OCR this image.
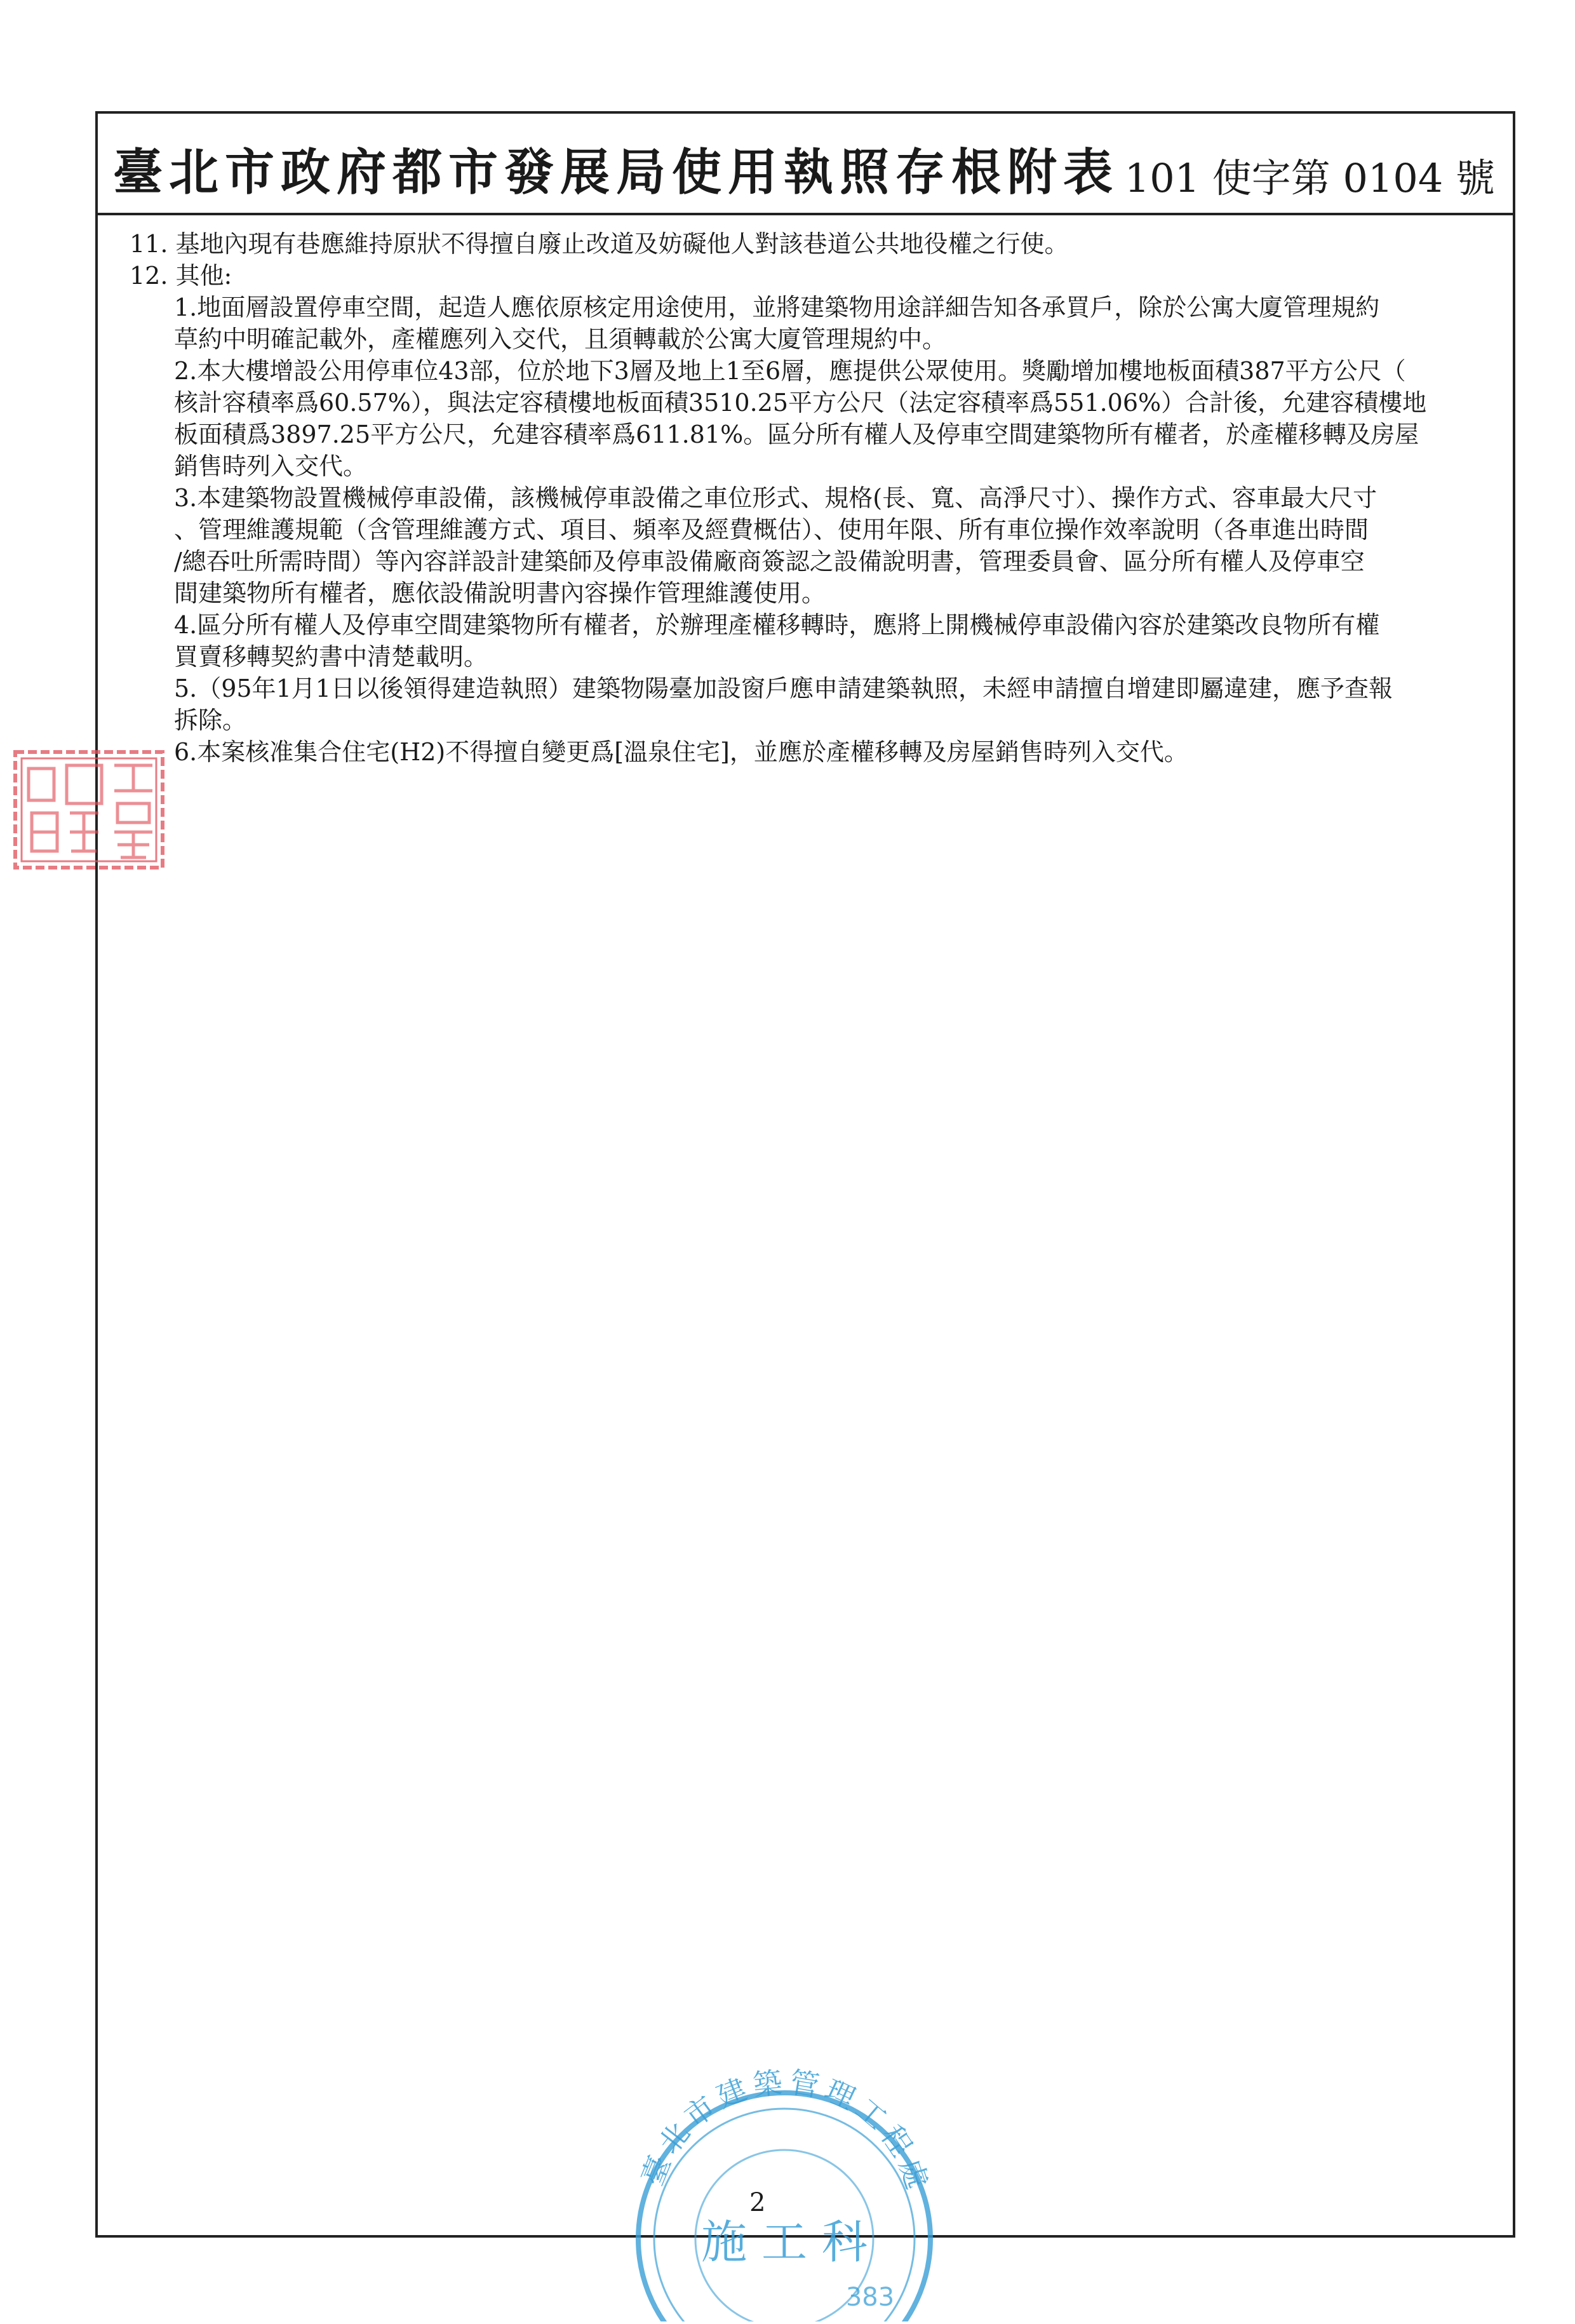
臺北市政府都市發展局使用執照存根附表 101 使字第 0104 號

11. 基地內現有巷應維持原狀不得擅自廢止改道及妨礙他人對該巷道公共地役權之行使。

12. 其他:

1.地面層設置停車空間，起造人應依原核定用途使用，並將建築物用途詳細告知各承買戶，除於公寓大廈管理規約

草約中明確記載外，產權應列入交代，且須轉載於公寓大廈管理規約中。

2.本大樓增設公用停車位43部，位於地下3層及地上1至6層，應提供公眾使用。獎勵增加樓地板面積387平方公尺（

核計容積率爲60.57%），與法定容積樓地板面積3510.25平方公尺（法定容積率爲551.06%）合計後，允建容積樓地

板面積爲3897.25平方公尺，允建容積率爲611.81%。區分所有權人及停車空間建築物所有權者，於產權移轉及房屋

銷售時列入交代。

3.本建築物設置機械停車設備，該機械停車設備之車位形式、規格(長、寬、高淨尺寸）、操作方式、容車最大尺寸

、管理維護規範（含管理維護方式、項目、頻率及經費概估）、使用年限、所有車位操作效率說明（各車進出時間

/總吞吐所需時間）等內容詳設計建築師及停車設備廠商簽認之設備說明書，管理委員會、區分所有權人及停車空

間建築物所有權者，應依設備說明書內容操作管理維護使用。

4.區分所有權人及停車空間建築物所有權者，於辦理產權移轉時，應將上開機械停車設備內容於建築改良物所有權

買賣移轉契約書中清楚載明。

5.（95年1月1日以後領得建造執照）建築物陽臺加設窗戶應申請建築執照，未經申請擅自增建即屬違建，應予查報

拆除。

6.本案核准集合住宅(H2)不得擅自變更爲[溫泉住宅]，並應於產權移轉及房屋銷售時列入交代。

臺北市建築管理工程處
施 工 科
383
2
